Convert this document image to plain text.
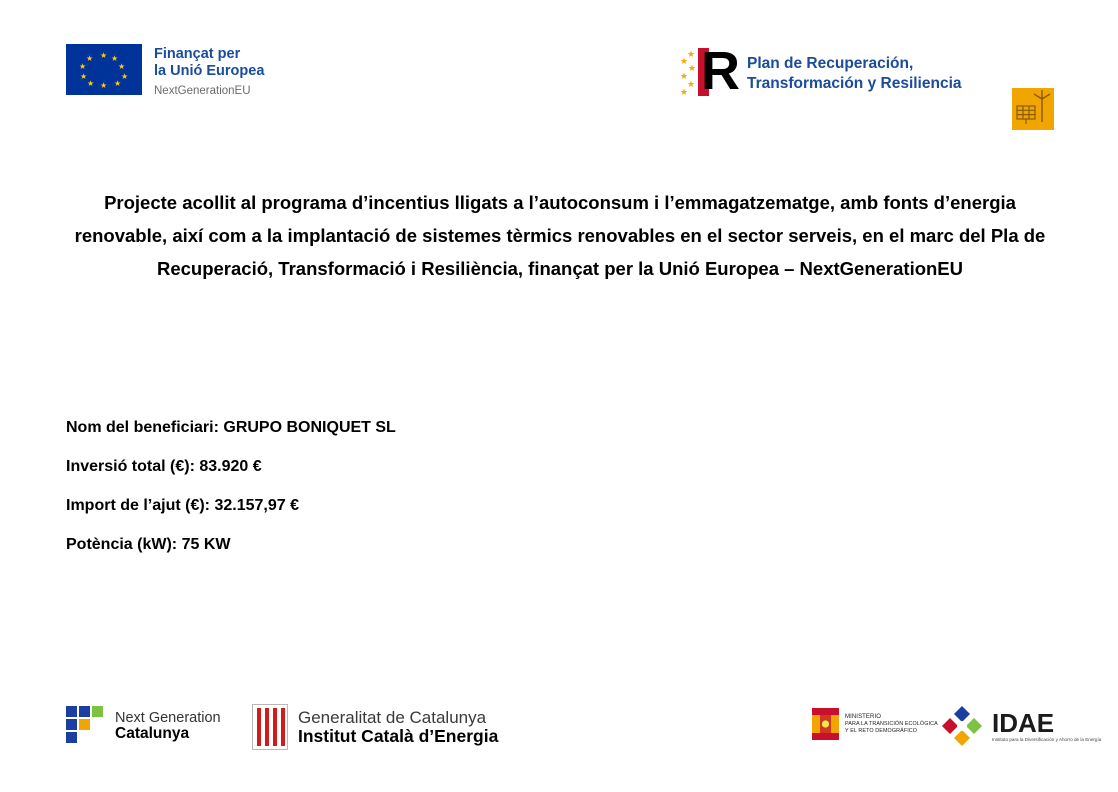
★ ★
★
★
★
★
★
★
★
★	Finançat per
la Unió Europea
NextGenerationEU
★
★
★
★
★
★ R Plan de Recuperación,
Transformación y Resiliencia
Projecte acollit al programa d’incentius lligats a l’autoconsum i l’emmagatzematge, amb fonts d’energia renovable, així com a la implantació de sistemes tèrmics renovables en el sector serveis, en el marc del Pla de Recuperació, Transformació i Resiliència, finançat per la Unió Europea – NextGenerationEU
Nom del beneficiari: GRUPO BONIQUET SL
Inversió total (€): 83.920 €
Import de l’ajut (€): 32.157,97 €
Potència (kW): 75 KW
Next Generation
Catalunya
Generalitat de Catalunya
Institut Català d’Energia
MINISTERIO
PARA LA TRANSICIÓN ECOLÓGICA
Y EL RETO DEMOGRÁFICO	IDAE
Instituto para la Diversificación y Ahorro de la Energía
